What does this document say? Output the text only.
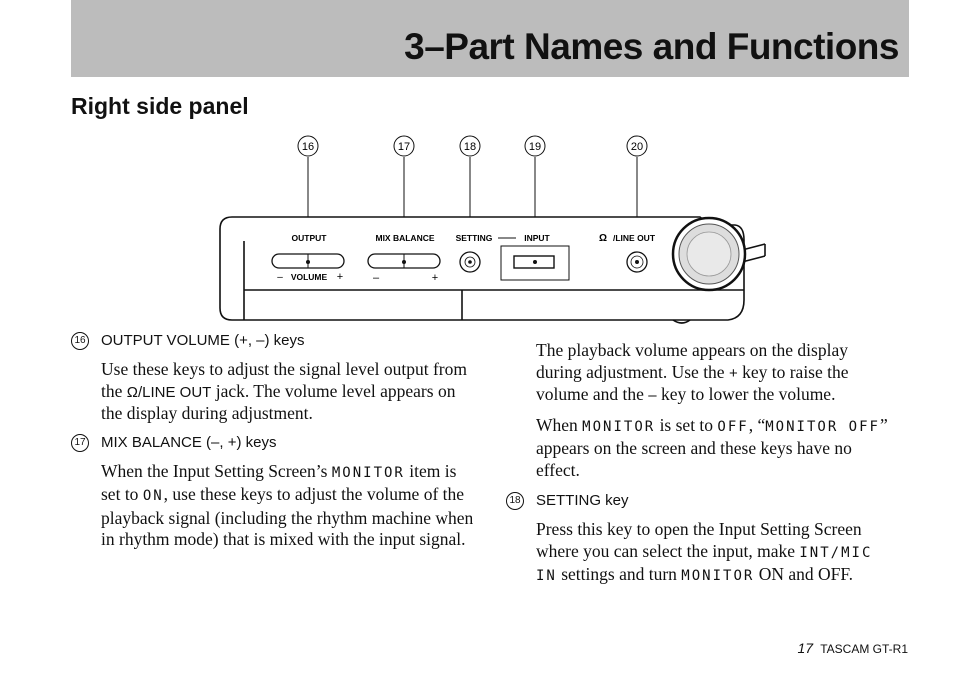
3–Part Names and Functions
Right side panel
16	17	18	19	20
OUTPUT
– VOLUME +
MIX BALANCE
–	+
SETTING	INPUT	Ω /LINE OUT
16 OUTPUT VOLUME (+, –) keys

Use these keys to adjust the signal level output from the Ω/LINE OUT jack. The volume level appears on the display during adjustment.

17 MIX BALANCE (–, +) keys

When the Input Setting Screen’s MONITOR item is set to ON, use these keys to adjust the volume of the playback signal (including the rhythm machine when in rhythm mode) that is mixed with the input signal.

The playback volume appears on the display during adjustment. Use the + key to raise the volume and the – key to lower the volume.

When MONITOR is set to OFF, “MONITOR OFF” appears on the screen and these keys have no effect.

18 SETTING key

Press this key to open the Input Setting Screen where you can select the input, make INT/MIC IN settings and turn MONITOR ON and OFF.

17 TASCAM GT-R1
